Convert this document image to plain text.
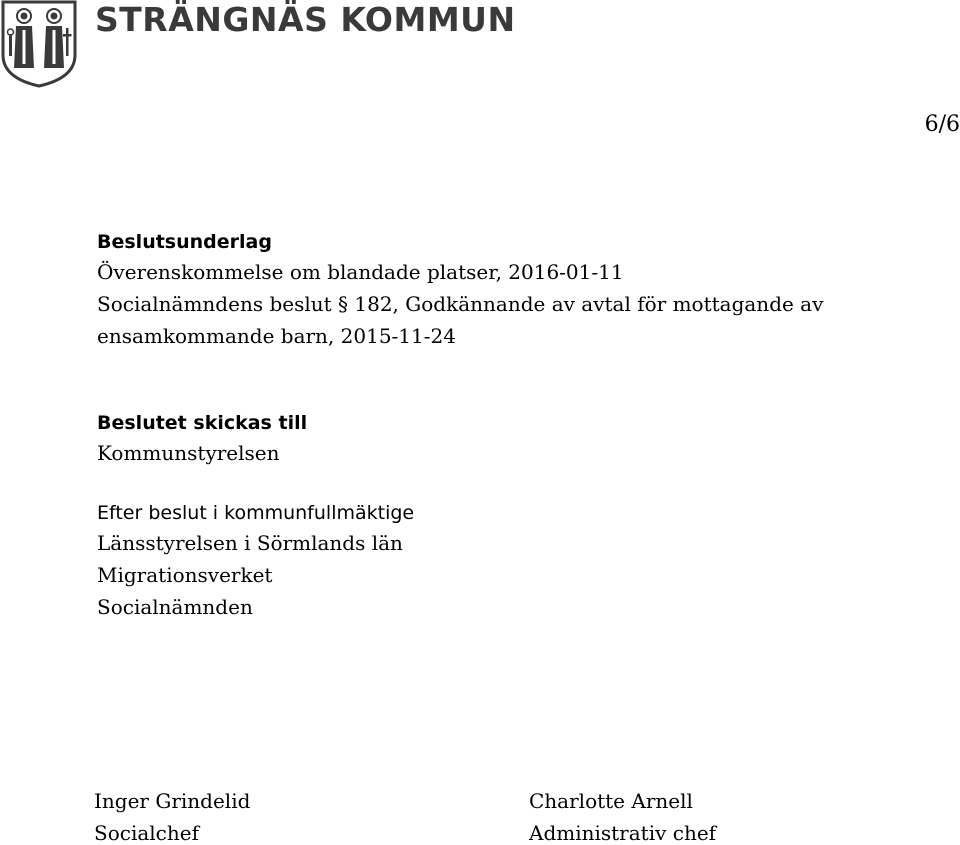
STRÄNGNÄS KOMMUN
6/6
Beslutsunderlag
Överenskommelse om blandade platser, 2016-01-11
Socialnämndens beslut § 182, Godkännande av avtal för mottagande av
ensamkommande barn, 2015-11-24
Beslutet skickas till
Kommunstyrelsen
Efter beslut i kommunfullmäktige
Länsstyrelsen i Sörmlands län
Migrationsverket
Socialnämnden
Inger Grindelid
Socialchef
Charlotte Arnell
Administrativ chef
